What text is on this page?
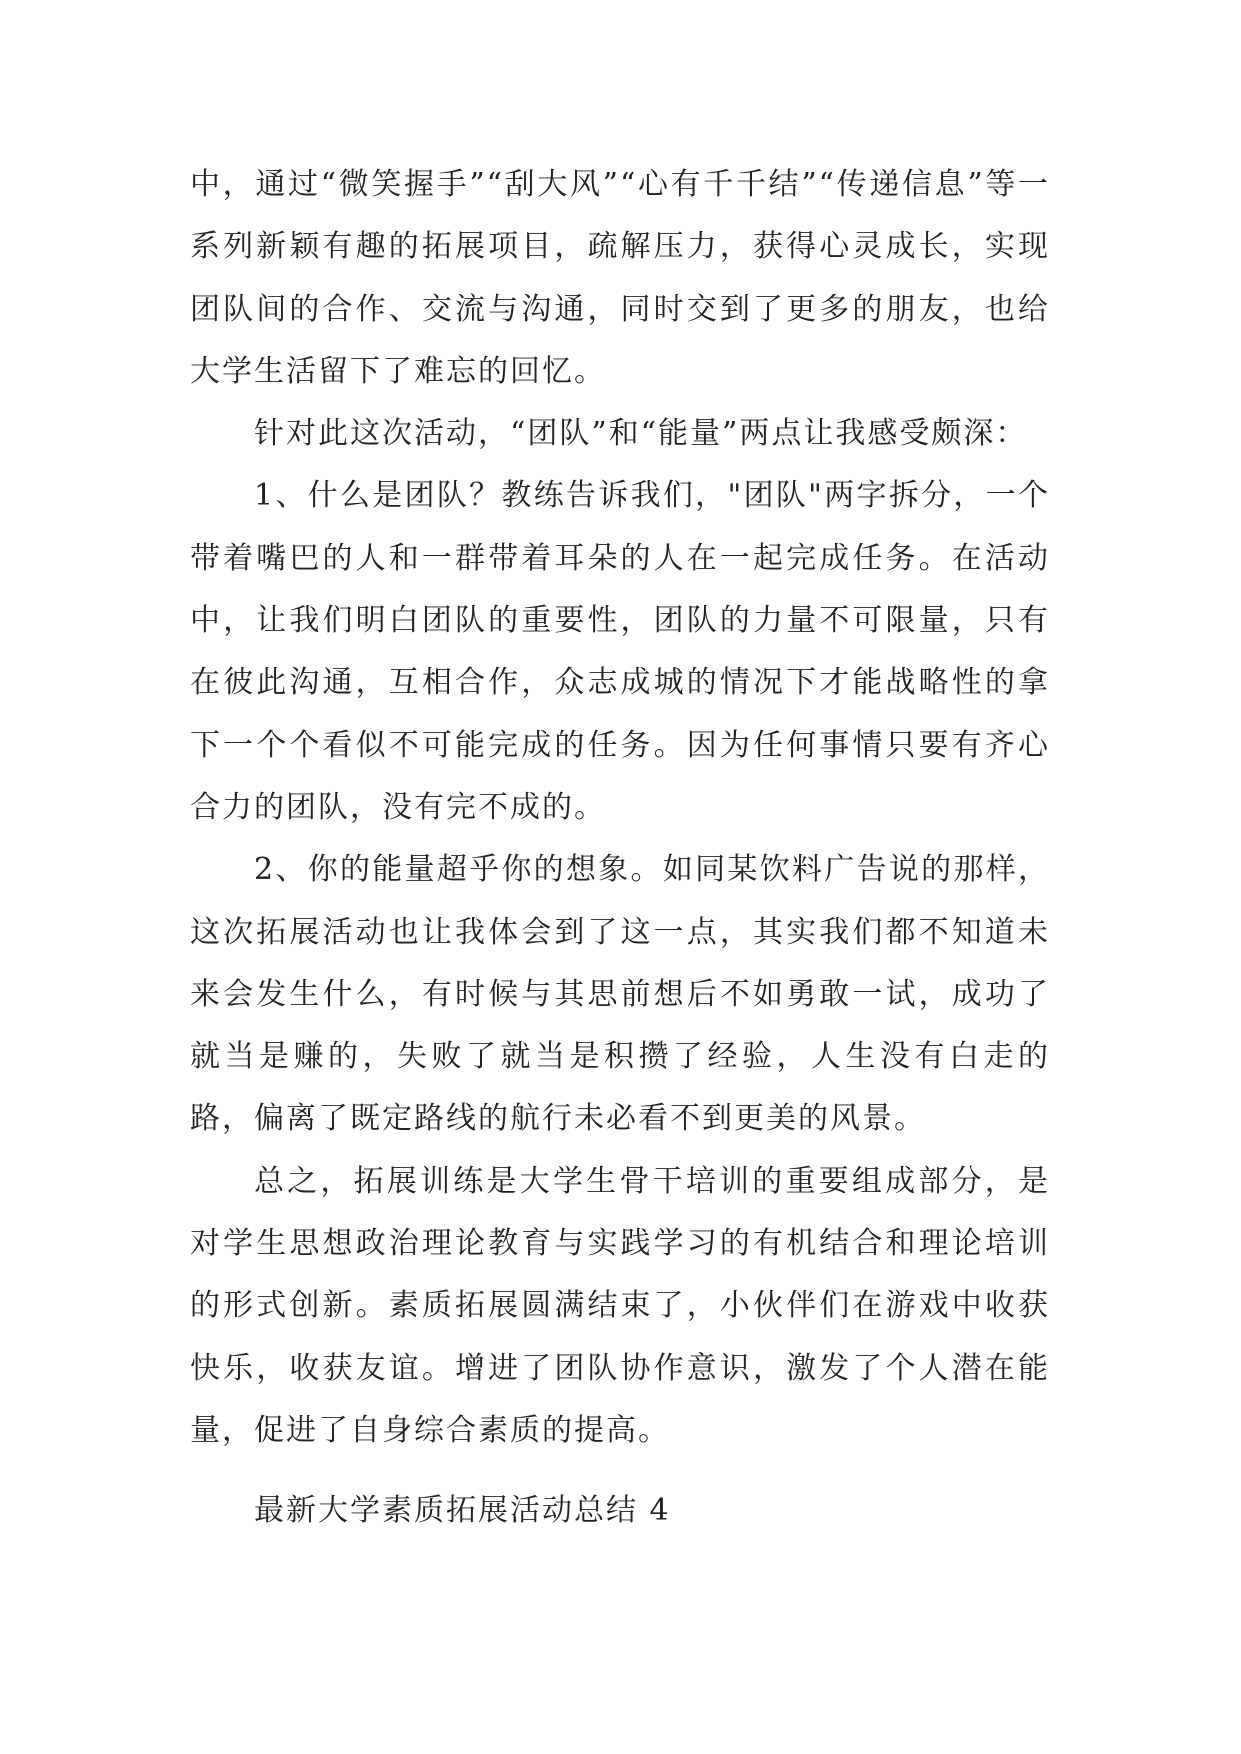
中，通过“微笑握手”“刮大风”“心有千千结”“传递信息”等一系列新颖有趣的拓展项目，疏解压力，获得心灵成长，实现团队间的合作、交流与沟通，同时交到了更多的朋友，也给大学生活留下了难忘的回忆。

针对此这次活动，“团队”和“能量”两点让我感受颇深：

1、什么是团队？教练告诉我们，"团队"两字拆分，一个带着嘴巴的人和一群带着耳朵的人在一起完成任务。在活动中，让我们明白团队的重要性，团队的力量不可限量，只有在彼此沟通，互相合作，众志成城的情况下才能战略性的拿下一个个看似不可能完成的任务。因为任何事情只要有齐心合力的团队，没有完不成的。

2、你的能量超乎你的想象。如同某饮料广告说的那样，这次拓展活动也让我体会到了这一点，其实我们都不知道未来会发生什么，有时候与其思前想后不如勇敢一试，成功了就当是赚的，失败了就当是积攒了经验，人生没有白走的路，偏离了既定路线的航行未必看不到更美的风景。

总之，拓展训练是大学生骨干培训的重要组成部分，是对学生思想政治理论教育与实践学习的有机结合和理论培训的形式创新。素质拓展圆满结束了，小伙伴们在游戏中收获快乐，收获友谊。增进了团队协作意识，激发了个人潜在能量，促进了自身综合素质的提高。

最新大学素质拓展活动总结 4
